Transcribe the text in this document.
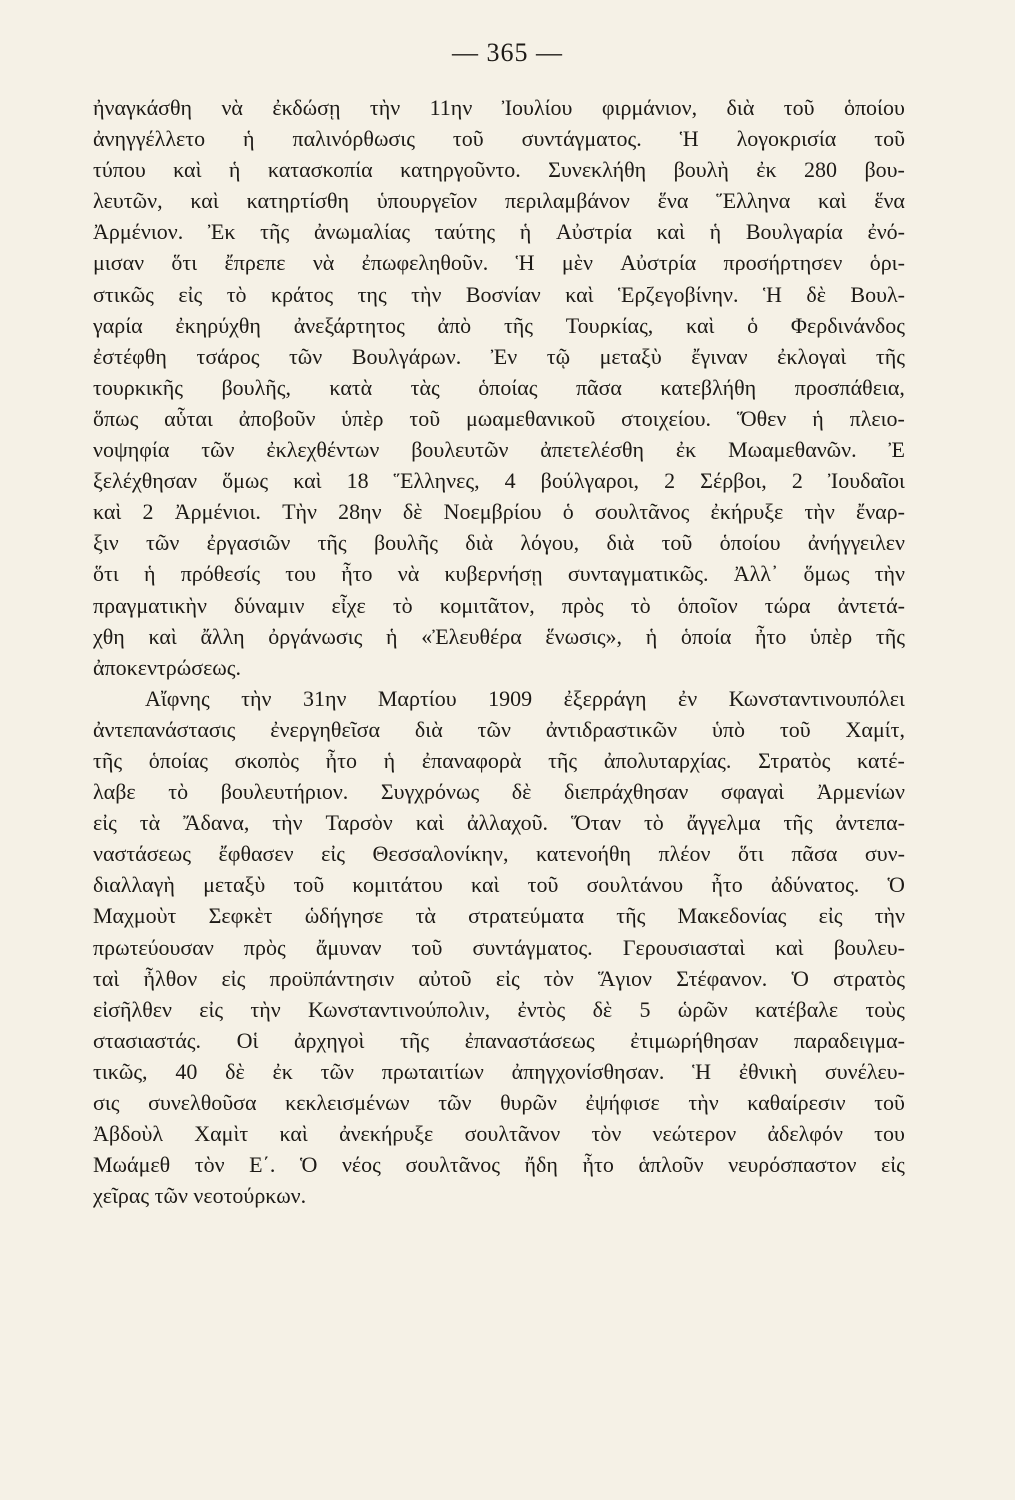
— 365 —
ἠναγκάσθη νὰ ἐκδώσῃ τὴν 11ην Ἰουλίου φιρμάνιον, διὰ τοῦ ὁποίου
ἀνηγγέλλετο ἡ παλινόρθωσις τοῦ συντάγματος. Ἡ λογοκρισία τοῦ
τύπου καὶ ἡ κατασκοπία κατηργοῦντο. Συνεκλήθη βουλὴ ἐκ 280 βου-
λευτῶν, καὶ κατηρτίσθη ὑπουργεῖον περιλαμβάνον ἕνα Ἕλληνα καὶ ἕνα
Ἀρμένιον. Ἐκ τῆς ἀνωμαλίας ταύτης ἡ Αὐστρία καὶ ἡ Βουλγαρία ἐνό-
μισαν ὅτι ἔπρεπε νὰ ἐπωφεληθοῦν. Ἡ μὲν Αὐστρία προσήρτησεν ὁρι-
στικῶς εἰς τὸ κράτος της τὴν Βοσνίαν καὶ Ἑρζεγοβίνην. Ἡ δὲ Βουλ-
γαρία ἐκηρύχθη ἀνεξάρτητος ἀπὸ τῆς Τουρκίας, καὶ ὁ Φερδινάνδος
ἐστέφθη τσάρος τῶν Βουλγάρων. Ἐν τῷ μεταξὺ ἔγιναν ἐκλογαὶ τῆς
τουρκικῆς βουλῆς, κατὰ τὰς ὁποίας πᾶσα κατεβλήθη προσπάθεια,
ὅπως αὗται ἀποβοῦν ὑπὲρ τοῦ μωαμεθανικοῦ στοιχείου. Ὅθεν ἡ πλειο-
νοψηφία τῶν ἐκλεχθέντων βουλευτῶν ἀπετελέσθη ἐκ Μωαμεθανῶν. Ἐ
ξελέχθησαν ὅμως καὶ 18 Ἕλληνες, 4 βούλγαροι, 2 Σέρβοι, 2 Ἰουδαῖοι
καὶ 2 Ἀρμένιοι. Τὴν 28ην δὲ Νοεμβρίου ὁ σουλτᾶνος ἐκήρυξε τὴν ἔναρ-
ξιν τῶν ἐργασιῶν τῆς βουλῆς διὰ λόγου, διὰ τοῦ ὁποίου ἀνήγγειλεν
ὅτι ἡ πρόθεσίς του ἦτο νὰ κυβερνήσῃ συνταγματικῶς. Ἀλλ᾽ ὅμως τὴν
πραγματικὴν δύναμιν εἶχε τὸ κομιτᾶτον, πρὸς τὸ ὁποῖον τώρα ἀντετά-
χθη καὶ ἄλλη ὀργάνωσις ἡ «Ἐλευθέρα ἕνωσις», ἡ ὁποία ἦτο ὑπὲρ τῆς
ἀποκεντρώσεως.
Αἴφνης τὴν 31ην Μαρτίου 1909 ἐξερράγη ἐν Κωνσταντινουπόλει
ἀντεπανάστασις ἐνεργηθεῖσα διὰ τῶν ἀντιδραστικῶν ὑπὸ τοῦ Χαμίτ,
τῆς ὁποίας σκοπὸς ἦτο ἡ ἐπαναφορὰ τῆς ἀπολυταρχίας. Στρατὸς κατέ-
λαβε τὸ βουλευτήριον. Συγχρόνως δὲ διεπράχθησαν σφαγαὶ Ἀρμενίων
εἰς τὰ Ἄδανα, τὴν Ταρσὸν καὶ ἀλλαχοῦ. Ὅταν τὸ ἄγγελμα τῆς ἀντεπα-
ναστάσεως ἔφθασεν εἰς Θεσσαλονίκην, κατενοήθη πλέον ὅτι πᾶσα συν-
διαλλαγὴ μεταξὺ τοῦ κομιτάτου καὶ τοῦ σουλτάνου ἦτο ἀδύνατος. Ὁ
Μαχμοὺτ Σεφκὲτ ὡδήγησε τὰ στρατεύματα τῆς Μακεδονίας εἰς τὴν
πρωτεύουσαν πρὸς ἄμυναν τοῦ συντάγματος. Γερουσιασταὶ καὶ βουλευ-
ταὶ ἦλθον εἰς προϋπάντησιν αὐτοῦ εἰς τὸν Ἅγιον Στέφανον. Ὁ στρατὸς
εἰσῆλθεν εἰς τὴν Κωνσταντινούπολιν, ἐντὸς δὲ 5 ὡρῶν κατέβαλε τοὺς
στασιαστάς. Οἱ ἀρχηγοὶ τῆς ἐπαναστάσεως ἐτιμωρήθησαν παραδειγμα-
τικῶς, 40 δὲ ἐκ τῶν πρωταιτίων ἀπηγχονίσθησαν. Ἡ ἐθνικὴ συνέλευ-
σις συνελθοῦσα κεκλεισμένων τῶν θυρῶν ἐψήφισε τὴν καθαίρεσιν τοῦ
Ἀβδοὺλ Χαμὶτ καὶ ἀνεκήρυξε σουλτᾶνον τὸν νεώτερον ἀδελφόν του
Μωάμεθ τὸν Ε΄. Ὁ νέος σουλτᾶνος ἤδη ἦτο ἁπλοῦν νευρόσπαστον εἰς
χεῖρας τῶν νεοτούρκων.
